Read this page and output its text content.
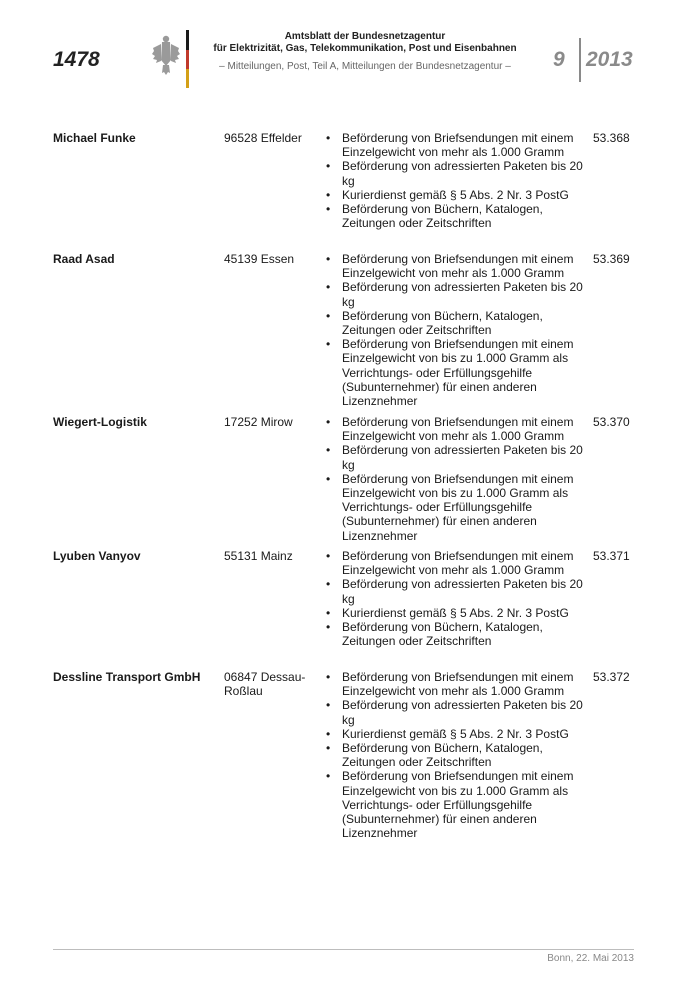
1478
Amtsblatt der Bundesnetzagentur
für Elektrizität, Gas, Telekommunikation, Post und Eisenbahnen
– Mitteilungen, Post, Teil A, Mitteilungen der Bundesnetzagentur –	9 2013
Michael Funke	96528 Effelder	• Beförderung von Briefsendungen mit einem Einzelgewicht von mehr als 1.000 Gramm
• Beförderung von adressierten Paketen bis 20 kg
• Kurierdienst gemäß § 5 Abs. 2 Nr. 3 PostG
• Beförderung von Büchern, Katalogen, Zeitungen oder Zeitschriften
53.368
Raad Asad	45139 Essen	• Beförderung von Briefsendungen mit einem Einzelgewicht von mehr als 1.000 Gramm
• Beförderung von adressierten Paketen bis 20 kg
• Beförderung von Büchern, Katalogen, Zeitungen oder Zeitschriften
• Beförderung von Briefsendungen mit einem Einzelgewicht von bis zu 1.000 Gramm als Verrichtungs- oder Erfüllungsgehilfe (Subunternehmer) für einen anderen Lizenznehmer
53.369
Wiegert-Logistik	17252 Mirow	• Beförderung von Briefsendungen mit einem Einzelgewicht von mehr als 1.000 Gramm
• Beförderung von adressierten Paketen bis 20 kg
• Beförderung von Briefsendungen mit einem Einzelgewicht von bis zu 1.000 Gramm als Verrichtungs- oder Erfüllungsgehilfe (Subunternehmer) für einen anderen Lizenznehmer
53.370
Lyuben Vanyov	55131 Mainz	• Beförderung von Briefsendungen mit einem Einzelgewicht von mehr als 1.000 Gramm
• Beförderung von adressierten Paketen bis 20 kg
• Kurierdienst gemäß § 5 Abs. 2 Nr. 3 PostG
• Beförderung von Büchern, Katalogen, Zeitungen oder Zeitschriften
53.371
Dessline Transport GmbH	06847 Dessau-Roßlau
• Beförderung von Briefsendungen mit einem Einzelgewicht von mehr als 1.000 Gramm
• Beförderung von adressierten Paketen bis 20 kg
• Kurierdienst gemäß § 5 Abs. 2 Nr. 3 PostG
• Beförderung von Büchern, Katalogen, Zeitungen oder Zeitschriften
• Beförderung von Briefsendungen mit einem Einzelgewicht von bis zu 1.000 Gramm als Verrichtungs- oder Erfüllungsgehilfe (Subunternehmer) für einen anderen Lizenznehmer
53.372
Bonn, 22. Mai 2013
